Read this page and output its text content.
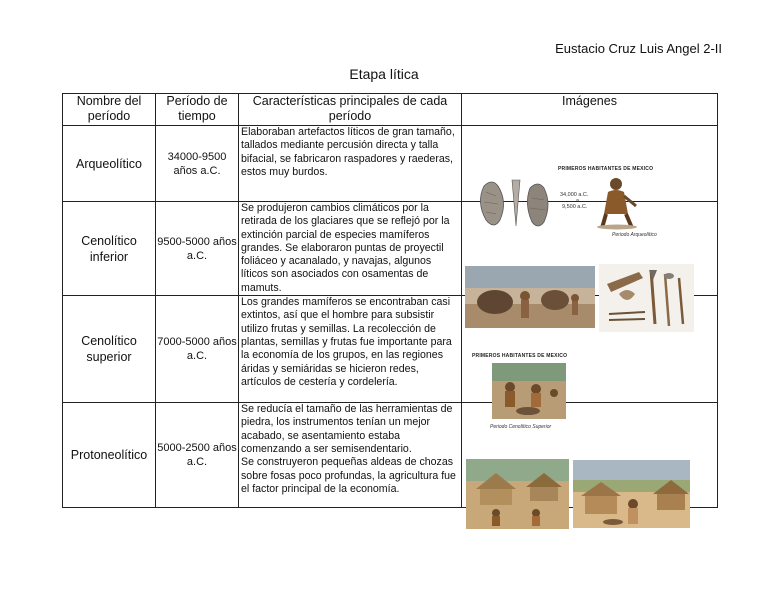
Eustacio Cruz Luis Angel 2-II
Etapa lítica
Nombre del período	Período de tiempo	Características principales de cada período	Imágenes
Arqueolítico	34000-9500 años a.C.	Elaboraban artefactos líticos de gran tamaño, tallados mediante percusión directa y talla bifacial, se fabricaron raspadores y raederas, estos muy burdos.	PRIMEROS HABITANTES DE MEXICO
34,000 a.C.
a
9,500 a.C.
Periodo Arqueolítico

Cenolítico inferior	9500-5000 años a.C.	Se produjeron cambios climáticos por la retirada de los glaciares que se reflejó por la extinción parcial de especies mamíferos grandes. Se elaboraron puntas de proyectil foliáceo y acanalado, y navajas, algunos líticos son asociados con osamentas de mamuts.	

Cenolítico superior	7000-5000 años a.C.	Los grandes mamíferos se encontraban casi extintos, así que el hombre para subsistir utilizo frutas y semillas. La recolección de plantas, semillas y frutas fue importante para la economía de los grupos, en las regiones áridas y semiáridas se hicieron redes, artículos de cestería y cordelería.	PRIMEROS HABITANTES DE MEXICO
Periodo Cenolítico Superior

Protoneolítico	5000-2500 años a.C.	Se reducía el tamaño de las herramientas de piedra, los instrumentos tenían un mejor acabado, se asentamiento estaba comenzando a ser semisendentario.
Se construyeron pequeñas aldeas de chozas sobre fosas poco profundas, la agricultura fue el factor principal de la economía.	
